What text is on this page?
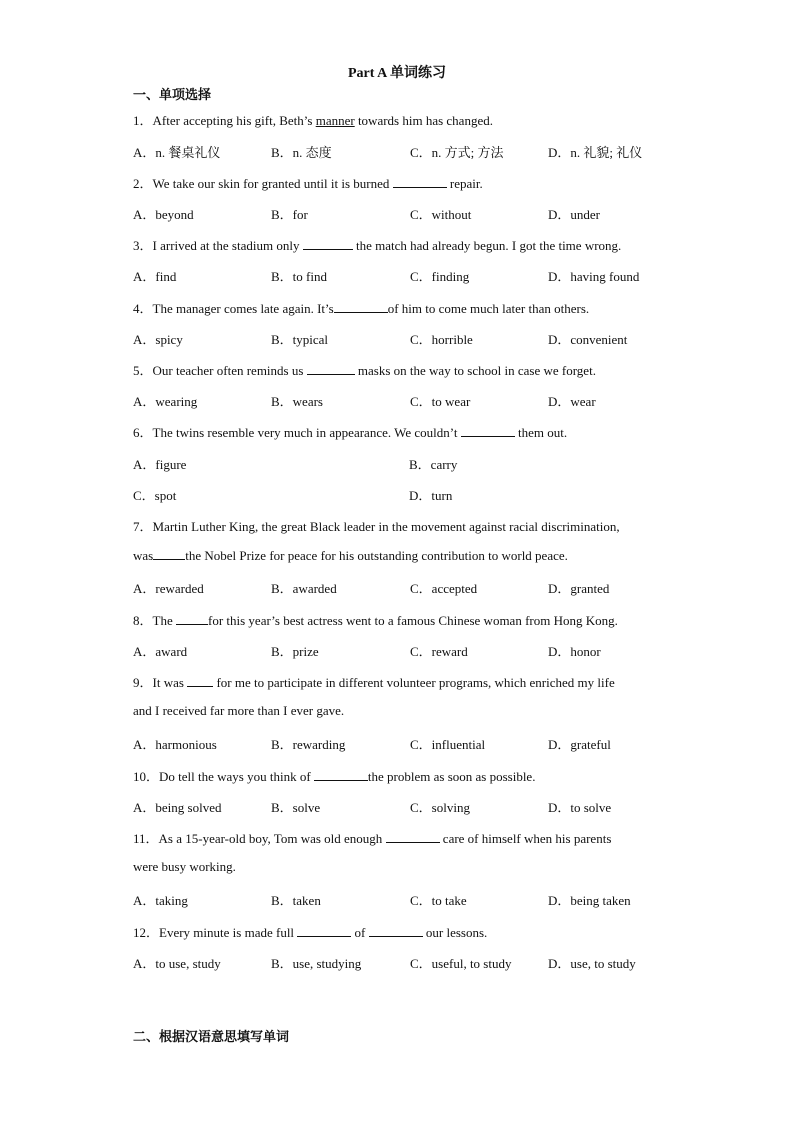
Part A 单词练习
一、单项选择
1．After accepting his gift, Beth’s manner towards him has changed.
A．n. 餐桌礼仪	B．n. 态度	C．n. 方式; 方法	D．n. 礼貌; 礼仪
2．We take our skin for granted until it is burned	repair.
A．beyond	B．for	C．without	D．under
3．I arrived at the stadium only	the match had already begun. I got the time wrong.
A．find	B．to find	C．finding	D．having found
4．The manager comes late again. It’s	of him to come much later than others.
A．spicy	B．typical	C．horrible	D．convenient
5．Our teacher often reminds us	masks on the way to school in case we forget.
A．wearing	B．wears	C．to wear	D．wear
6．The twins resemble very much in appearance. We couldn’t	them out.
A．figure	B．carry
C．spot	D．turn
7．Martin Luther King, the great Black leader in the movement against racial discrimination,
was the Nobel Prize for peace for his outstanding contribution to world peace.
A．rewarded	B．awarded	C．accepted	D．granted
8．The for this year’s best actress went to a famous Chinese woman from Hong Kong.
A．award	B．prize	C．reward	D．honor
9．It was  for me to participate in different volunteer programs, which enriched my life
and I received far more than I ever gave.
A．harmonious	B．rewarding	C．influential	D．grateful
10．Do tell the ways you think of	the problem as soon as possible.
A．being solved	B．solve	C．solving	D．to solve
11．As a 15-year-old boy, Tom was old enough	care of himself when his parents
were busy working.
A．taking	B．taken	C．to take	D．being taken
12．Every minute is made full	of	our lessons.
A．to use, study	B．use, studying	C．useful, to study	D．use, to study
二、根据汉语意思填写单词
